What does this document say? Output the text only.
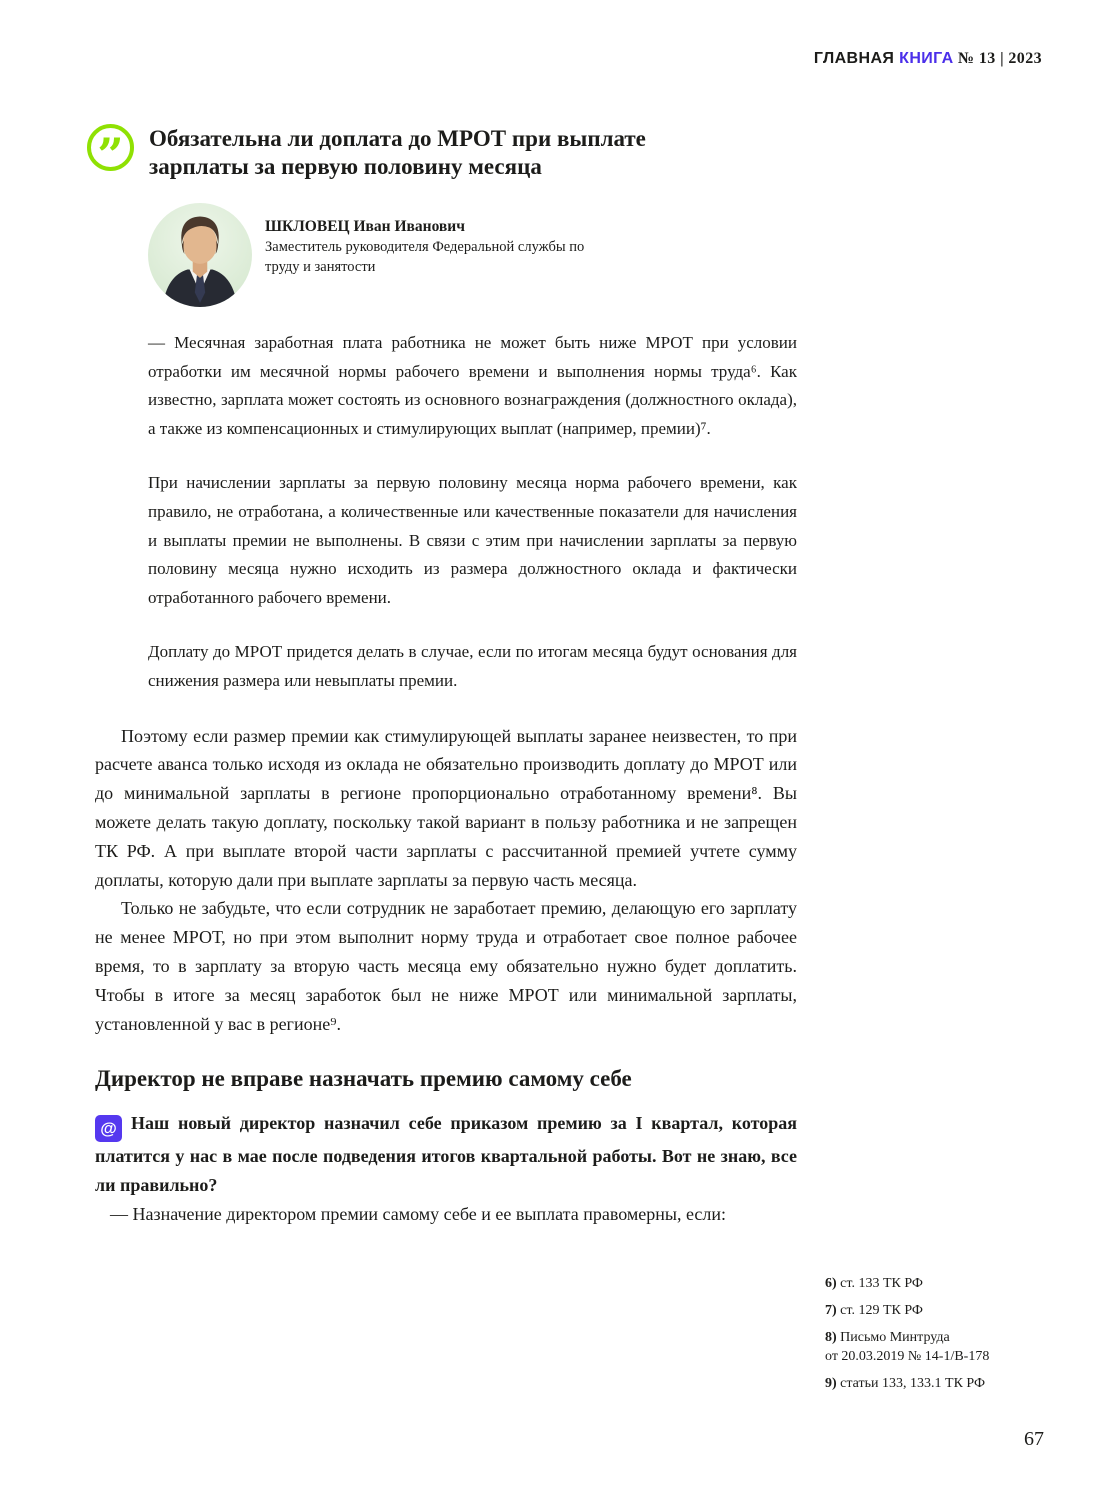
ГЛАВНАЯ КНИГА № 13 | 2023
” Обязательна ли доплата до МРОТ при выплате зарплаты за первую половину месяца
ШКЛОВЕЦ Иван Иванович
Заместитель руководителя Федеральной службы по труду и занятости

— Месячная заработная плата работника не может быть ниже МРОТ при условии отработки им месячной нормы рабочего времени и выполнения нормы труда⁶. Как известно, зарплата может состоять из основного вознаграждения (должностного оклада), а также из компенсационных и стимулирующих выплат (например, премии)⁷.

При начислении зарплаты за первую половину месяца норма рабочего времени, как правило, не отработана, а количественные или качественные показатели для начисления и выплаты премии не выполнены. В связи с этим при начислении зарплаты за первую половину месяца нужно исходить из размера должностного оклада и фактически отработанного рабочего времени.

Доплату до МРОТ придется делать в случае, если по итогам месяца будут основания для снижения размера или невыплаты премии.

Поэтому если размер премии как стимулирующей выплаты заранее неизвестен, то при расчете аванса только исходя из оклада не обязательно производить доплату до МРОТ или до минимальной зарплаты в регионе пропорционально отработанному времени⁸. Вы можете делать такую доплату, поскольку такой вариант в пользу работника и не запрещен ТК РФ. А при выплате второй части зарплаты с рассчитанной премией учтете сумму доплаты, которую дали при выплате зарплаты за первую часть месяца.

Только не забудьте, что если сотрудник не заработает премию, делающую его зарплату не менее МРОТ, но при этом выполнит норму труда и отработает свое полное рабочее время, то в зарплату за вторую часть месяца ему обязательно нужно будет доплатить. Чтобы в итоге за месяц заработок был не ниже МРОТ или минимальной зарплаты, установленной у вас в регионе⁹.

Директор не вправе назначать премию самому себе

@ Наш новый директор назначил себе приказом премию за I квартал, которая платится у нас в мае после подведения итогов квартальной работы. Вот не знаю, все ли правильно?

— Назначение директором премии самому себе и ее выплата правомерны, если:

6) ст. 133 ТК РФ
7) ст. 129 ТК РФ
8) Письмо Минтруда
от 20.03.2019 № 14-1/В-178
9) статьи 133, 133.1 ТК РФ
67
